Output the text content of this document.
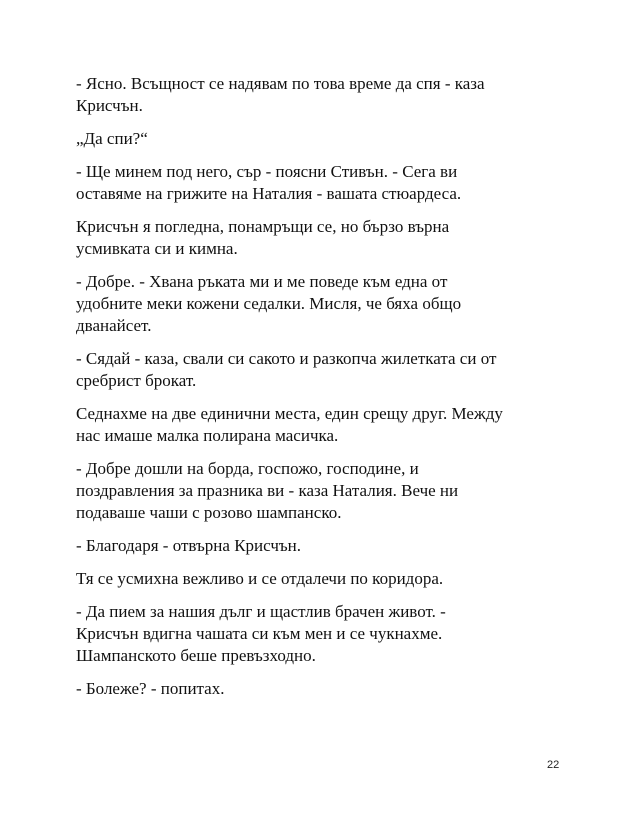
- Ясно. Всъщност се надявам по това време да спя - каза
Крисчън.

„Да спи?“

- Ще минем под него, сър - поясни Стивън. - Сега ви
оставяме на грижите на Наталия - вашата стюардеса.

Крисчън я погледна, понамръщи се, но бързо върна
усмивката си и кимна.

- Добре. - Хвана ръката ми и ме поведе към една от
удобните меки кожени седалки. Мисля, че бяха общо
дванайсет.

- Сядай - каза, свали си сакото и разкопча жилетката си от
сребрист брокат.

Седнахме на две единични места, един срещу друг. Между
нас имаше малка полирана масичка.

- Добре дошли на борда, госпожо, господине, и
поздравления за празника ви - каза Наталия. Вече ни
подаваше чаши с розово шампанско.

- Благодаря - отвърна Крисчън.

Тя се усмихна вежливо и се отдалечи по коридора.

- Да пием за нашия дълг и щастлив брачен живот. -
Крисчън вдигна чашата си към мен и се чукнахме.
Шампанското беше превъзходно.

- Болеже? - попитах.

22
